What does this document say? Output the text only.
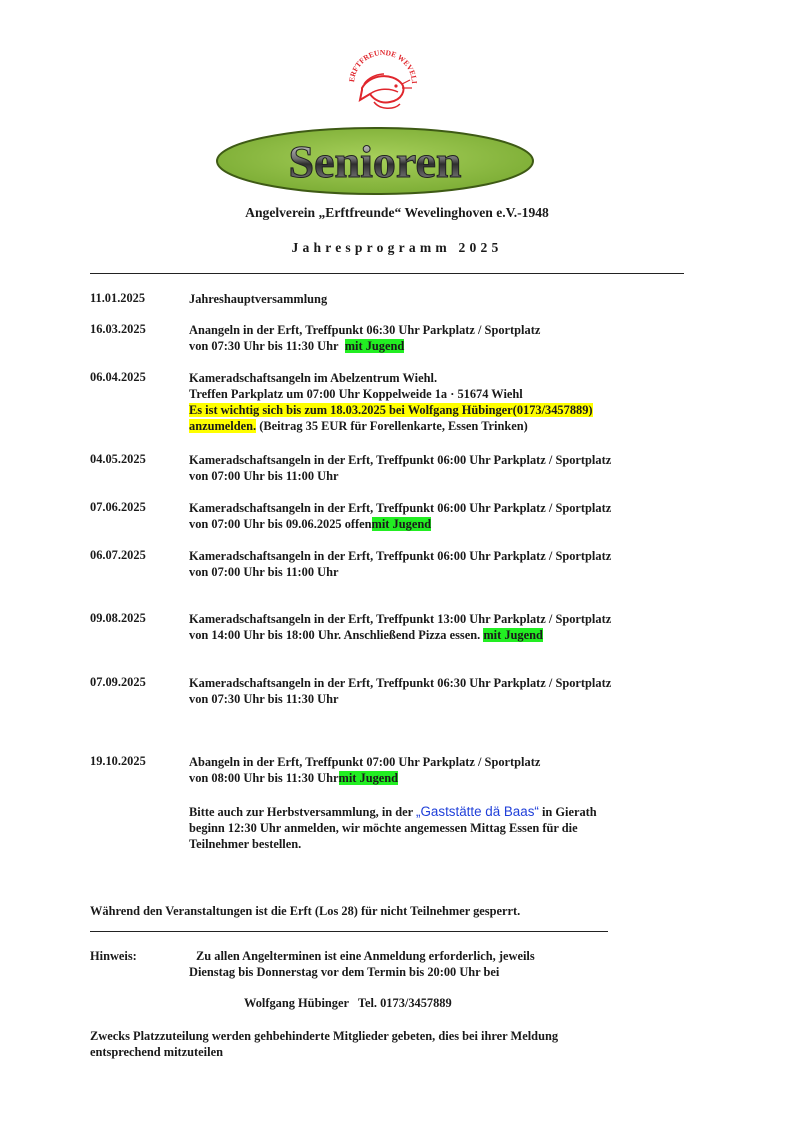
ERFTFREUNDE WEVELI
Senioren
Angelverein „Erftfreunde“ Wevelinghoven e.V.-1948
Jahresprogramm 2025
11.01.2025	Jahreshauptversammlung
16.03.2025	Anangeln in der Erft, Treffpunkt 06:30 Uhr Parkplatz / Sportplatz
von 07:30 Uhr bis 11:30 Uhr mit Jugend
06.04.2025	Kameradschaftsangeln im Abelzentrum Wiehl.
Treffen Parkplatz um 07:00 Uhr Koppelweide 1a · 51674 Wiehl
Es ist wichtig sich bis zum 18.03.2025 bei Wolfgang Hübinger(0173/3457889)
anzumelden. (Beitrag 35 EUR für Forellenkarte, Essen Trinken)
04.05.2025	Kameradschaftsangeln in der Erft, Treffpunkt 06:00 Uhr Parkplatz / Sportplatz
von 07:00 Uhr bis 11:00 Uhr
07.06.2025	Kameradschaftsangeln in der Erft, Treffpunkt 06:00 Uhr Parkplatz / Sportplatz
von 07:00 Uhr bis 09.06.2025 offenmit Jugend
06.07.2025	Kameradschaftsangeln in der Erft, Treffpunkt 06:00 Uhr Parkplatz / Sportplatz
von 07:00 Uhr bis 11:00 Uhr
09.08.2025	Kameradschaftsangeln in der Erft, Treffpunkt 13:00 Uhr Parkplatz / Sportplatz
von 14:00 Uhr bis 18:00 Uhr. Anschließend Pizza essen. mit Jugend
07.09.2025	Kameradschaftsangeln in der Erft, Treffpunkt 06:30 Uhr Parkplatz / Sportplatz
von 07:30 Uhr bis 11:30 Uhr
19.10.2025	Abangeln in der Erft, Treffpunkt 07:00 Uhr Parkplatz / Sportplatz
von 08:00 Uhr bis 11:30 Uhrmit Jugend
Bitte auch zur Herbstversammlung, in der „Gaststätte dä Baas“ in Gierath
beginn 12:30 Uhr anmelden, wir möchte angemessen Mittag Essen für die
Teilnehmer bestellen.
Während den Veranstaltungen ist die Erft (Los 28) für nicht Teilnehmer gesperrt.
Hinweis:	Zu allen Angelterminen ist eine Anmeldung erforderlich, jeweils
Dienstag bis Donnerstag vor dem Termin bis 20:00 Uhr bei
Wolfgang Hübinger   Tel. 0173/3457889
Zwecks Platzzuteilung werden gehbehinderte Mitglieder gebeten, dies bei ihrer Meldung
entsprechend mitzuteilen
